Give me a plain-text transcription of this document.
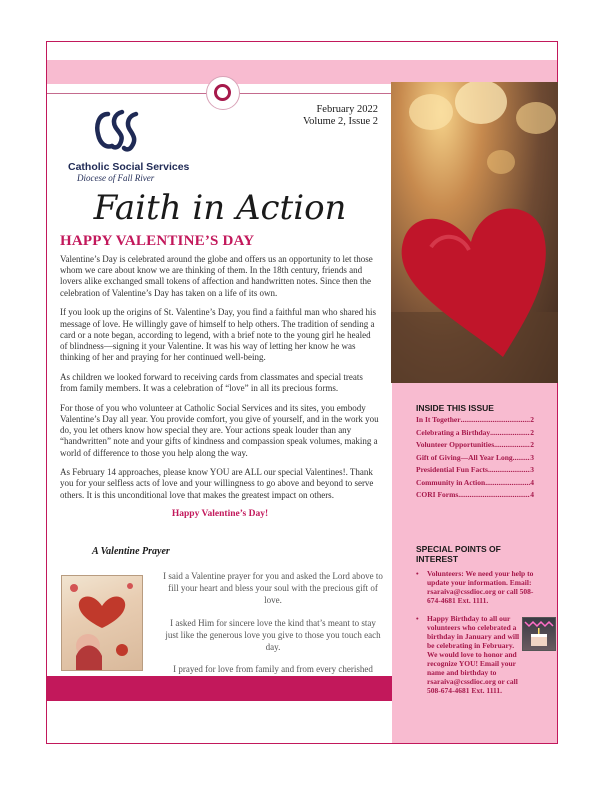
Catholic Social Services
Diocese of Fall River
February 2022
Volume 2, Issue 2
Faith in Action
HAPPY VALENTINE’S DAY

Valentine’s Day is celebrated around the globe and offers us an opportunity to let those whom we care about know we are thinking of them. In the 18th century, friends and lovers alike exchanged small tokens of affection and handwritten notes. Since then the celebration of Valentine’s Day has taken on a life of its own.

If you look up the origins of St. Valentine’s Day, you find a faithful man who shared his message of love. He willingly gave of himself to help others. The tradition of sending a card or a note began, according to legend, with a brief note to the young girl he healed of blindness—signing it your Valentine. It was his way of letting her know he was thinking of her and praying for her continued well-being.

As children we looked forward to receiving cards from classmates and special treats from family members. It was a celebration of “love” in all its precious forms.

For those of you who volunteer at Catholic Social Services and its sites, you embody Valentine’s Day all year. You provide comfort, you give of yourself, and in the work you do, you let others know how special they are. Your actions speak louder than any “handwritten” note and your gifts of kindness and compassion speak volumes, making a world of difference to those you help along the way.

As February 14 approaches, please know YOU are ALL our special Valentines!. Thank you for your selfless acts of love and your willingness to go above and beyond to serve others. It is this unconditional love that makes the greatest impact on others.

Happy Valentine’s Day!
A Valentine Prayer

I said a Valentine prayer for you and asked the Lord above to fill your heart and bless your soul with the precious gift of love.

I asked Him for sincere love the kind that’s meant to stay just like the generous love you give to those you touch each day.

I prayed for love from family and from every cherished

INSIDE THIS ISSUE
In It Together .....	2
Celebrating a Birthday .....	2
Volunteer Opportunities .....	2
Gift of Giving—All Year Long ..... 3
Presidential Fun Facts .....	3
Community in Action .....	4
CORI Forms .....	4
SPECIAL POINTS OF INTEREST
• Volunteers: We need your help to update your information. Email: rsaraiva@cssdioc.org or call 508-674-4681 Ext. 1111.
• Happy Birthday to all our volunteers who celebrated a birthday in January and will be celebrating in February. We would love to honor and recognize YOU! Email your name and birthday to rsaraiva@cssdioc.org or call 508-674-4681 Ext. 1111.
